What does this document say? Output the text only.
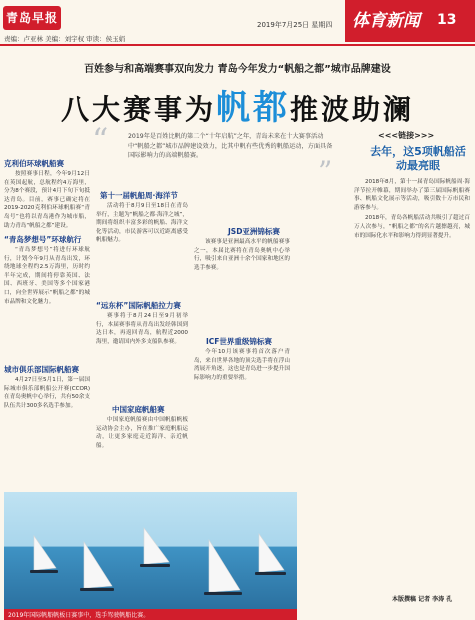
青岛早报
责编：卢亚林 美编：刘宇权 审读：侯玉娟
2019年7月25日 星期四 体育新闻 13
百姓参与和高端赛事双向发力 青岛今年发力“帆船之都”城市品牌建设
八大赛事为帆都推波助澜
“	2019年是百姓比帆的第二个“十年启航”之年，青岛未来在十大赛事活动中“帆船之都”城市品牌建设效力，比其中帆有些优秀的帆船运动，方面具备国际影响力的高端帆船赛。	”
<<<链接>>>
去年，这5项帆船活动最亮眼
克利伯环球帆船赛

按照赛事日程，今年9月12日在英国起航，总航程约4万海里，分为8个赛段，预计4月下旬下旬抵达青岛。目前，赛事已确定将在2019-2020克利伯环球帆船赛“青岛号”也将以青岛港作为城市船，助力青岛“帆船之都”建设。

“青岛梦想号”环球航行

“青岛梦想号”将进行环球航行，计划今年9月从青岛出发，环绕地球全程约2.5万海里，历时约半年完成，期间将停靠英国、法国、西班牙、美国等多个国家港口，向全世界展示“帆船之都”的城市品牌和文化魅力。

城市俱乐部国际帆船赛

4月27日至5月1日，第一届国际城市俱乐部帆船公开赛(CCOR)在青岛奥帆中心举行，共有50余支队伍共计300多名选手参加。

第十一届帆船周·海洋节

活动将于8月9日至18日在青岛举行，主题为“帆船之都·海洋之城”，期间将组织丰富多彩的帆船、海洋文化等活动，市民游客可以近距离感受帆船魅力。

“远东杯”国际帆船拉力赛

赛事将于8月24日至9月初举行，本届赛事将从青岛出发经韩国到达日本，再返回青岛，航程近2000海里，邀请国内外多支船队参赛。

中国家庭帆船赛

中国家庭帆船赛由中国帆船帆板运动协会主办，旨在推广家庭帆船运动，让更多家庭走近海洋、亲近帆船。

JSD亚洲锦标赛

该赛事是亚洲最高水平的帆船赛事之一，本届比赛将在青岛奥帆中心举行，吸引来自亚洲十余个国家和地区的选手参赛。

ICF世界重级锦标赛

今年10月该赛事将首次落户青岛，来自世界各地的顶尖选手将在浮山湾展开角逐，这也是青岛进一步提升国际影响力的重要举措。

2018年8月，第十一届青岛国际帆船周·海洋节拉开帷幕，期间举办了第三届国际帆船赛事、帆船文化展示等活动，吸引数十万市民和游客参与。

2018年，青岛各帆船活动共吸引了超过百万人次参与，“帆船之都”的名片越擦越亮，城市的国际化水平和影响力得到显著提升。

本版撰稿 记者 李涛 孔
2019年国际帆船帆板日赛事中，选手驾驶帆船比赛。
